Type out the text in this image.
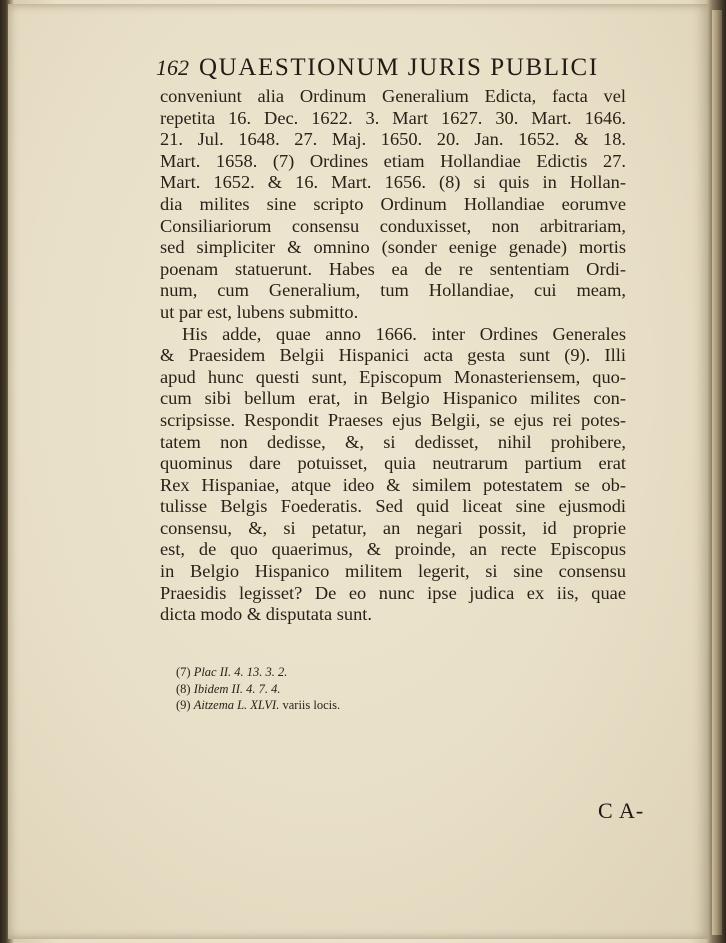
162 QUAESTIONUM JURIS PUBLICI
conveniunt alia Ordinum Generalium Edicta, facta vel
repetita 16. Dec. 1622. 3. Mart 1627. 30. Mart. 1646.
21. Jul. 1648. 27. Maj. 1650. 20. Jan. 1652. & 18.
Mart. 1658. (7) Ordines etiam Hollandiae Edictis 27.
Mart. 1652. & 16. Mart. 1656. (8) si quis in Hollan-
dia milites sine scripto Ordinum Hollandiae eorumve
Consiliariorum consensu conduxisset, non arbitrariam,
sed simpliciter & omnino (sonder eenige genade) mortis
poenam statuerunt. Habes ea de re sententiam Ordi-
num, cum Generalium, tum Hollandiae, cui meam,
ut par est, lubens submitto.
His adde, quae anno 1666. inter Ordines Generales
& Praesidem Belgii Hispanici acta gesta sunt (9). Illi
apud hunc questi sunt, Episcopum Monasteriensem, quo-
cum sibi bellum erat, in Belgio Hispanico milites con-
scripsisse. Respondit Praeses ejus Belgii, se ejus rei potes-
tatem non dedisse, &, si dedisset, nihil prohibere,
quominus dare potuisset, quia neutrarum partium erat
Rex Hispaniae, atque ideo & similem potestatem se ob-
tulisse Belgis Foederatis. Sed quid liceat sine ejusmodi
consensu, &, si petatur, an negari possit, id proprie
est, de quo quaerimus, & proinde, an recte Episcopus
in Belgio Hispanico militem legerit, si sine consensu
Praesidis legisset? De eo nunc ipse judica ex iis, quae
dicta modo & disputata sunt.
(7) Plac II. 4. 13. 3. 2.
(8) Ibidem II. 4. 7. 4.
(9) Aitzema L. XLVI. variis locis.
C A-
